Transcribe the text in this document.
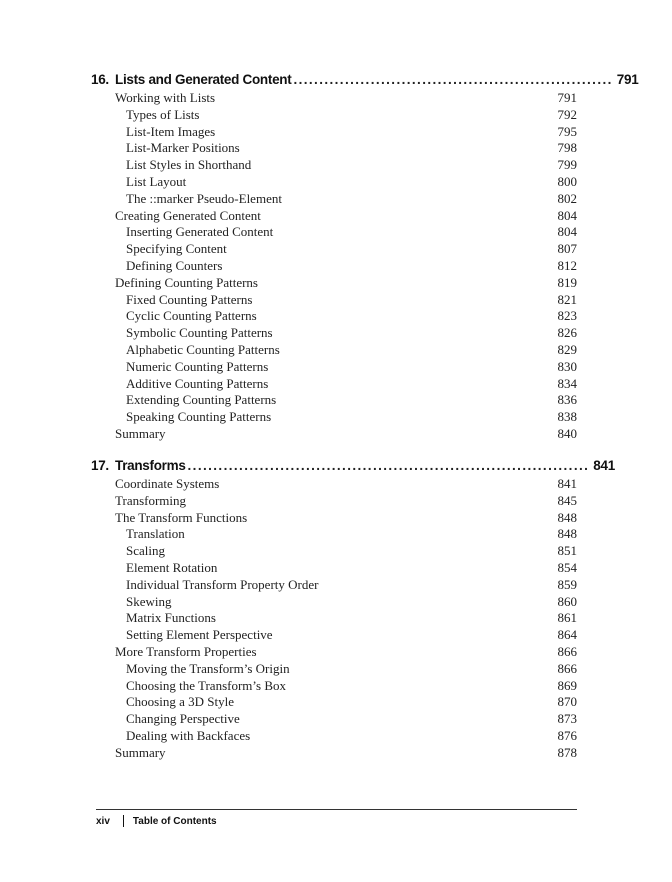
16. Lists and Generated Content .............................................................. 791
Working with Lists	791
Types of Lists	792
List-Item Images	795
List-Marker Positions	798
List Styles in Shorthand	799
List Layout	800
The ::marker Pseudo-Element	802
Creating Generated Content	804
Inserting Generated Content	804
Specifying Content	807
Defining Counters	812
Defining Counting Patterns	819
Fixed Counting Patterns	821
Cyclic Counting Patterns	823
Symbolic Counting Patterns	826
Alphabetic Counting Patterns	829
Numeric Counting Patterns	830
Additive Counting Patterns	834
Extending Counting Patterns	836
Speaking Counting Patterns	838
Summary	840
17. Transforms .............................................................................. 841
Coordinate Systems	841
Transforming	845
The Transform Functions	848
Translation	848
Scaling	851
Element Rotation	854
Individual Transform Property Order	859
Skewing	860
Matrix Functions	861
Setting Element Perspective	864
More Transform Properties	866
Moving the Transform’s Origin	866
Choosing the Transform’s Box	869
Choosing a 3D Style	870
Changing Perspective	873
Dealing with Backfaces	876
Summary	878
xiv Table of Contents
